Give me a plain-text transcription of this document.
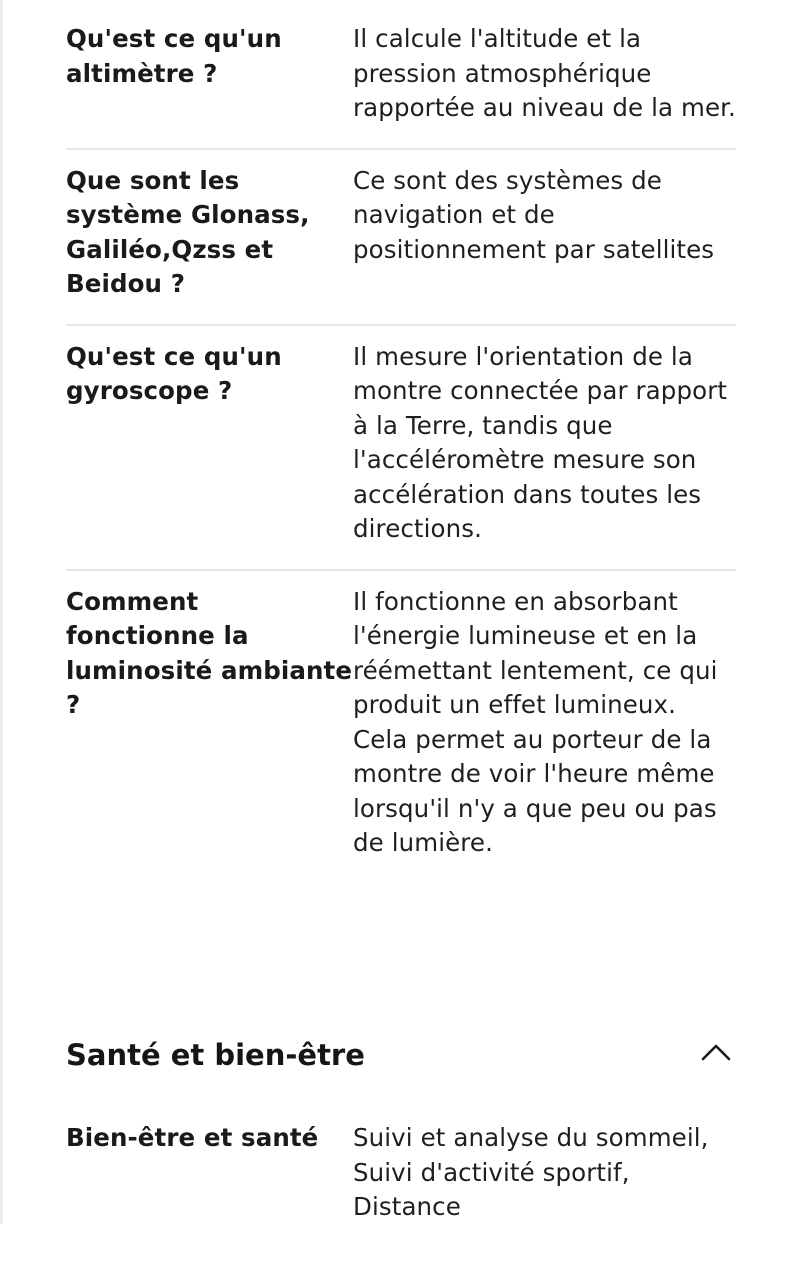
Qu'est ce qu'un altimètre ?
Il calcule l'altitude et la pression atmosphérique rapportée au niveau de la mer.
Que sont les système Glonass, Galiléo,Qzss et Beidou ?
Ce sont des systèmes de navigation et de positionnement par satellites
Qu'est ce qu'un gyroscope ?
Il mesure l'orientation de la montre connectée par rapport à la Terre, tandis que l'accéléromètre mesure son accélération dans toutes les directions.
Comment fonctionne la luminosité ambiante ?
Il fonctionne en absorbant l'énergie lumineuse et en la réémettant lentement, ce qui produit un effet lumineux. Cela permet au porteur de la montre de voir l'heure même lorsqu'il n'y a que peu ou pas de lumière.
Santé et bien-être
Bien-être et santé	Suivi et analyse du sommeil, Suivi d'activité sportif, Distance
